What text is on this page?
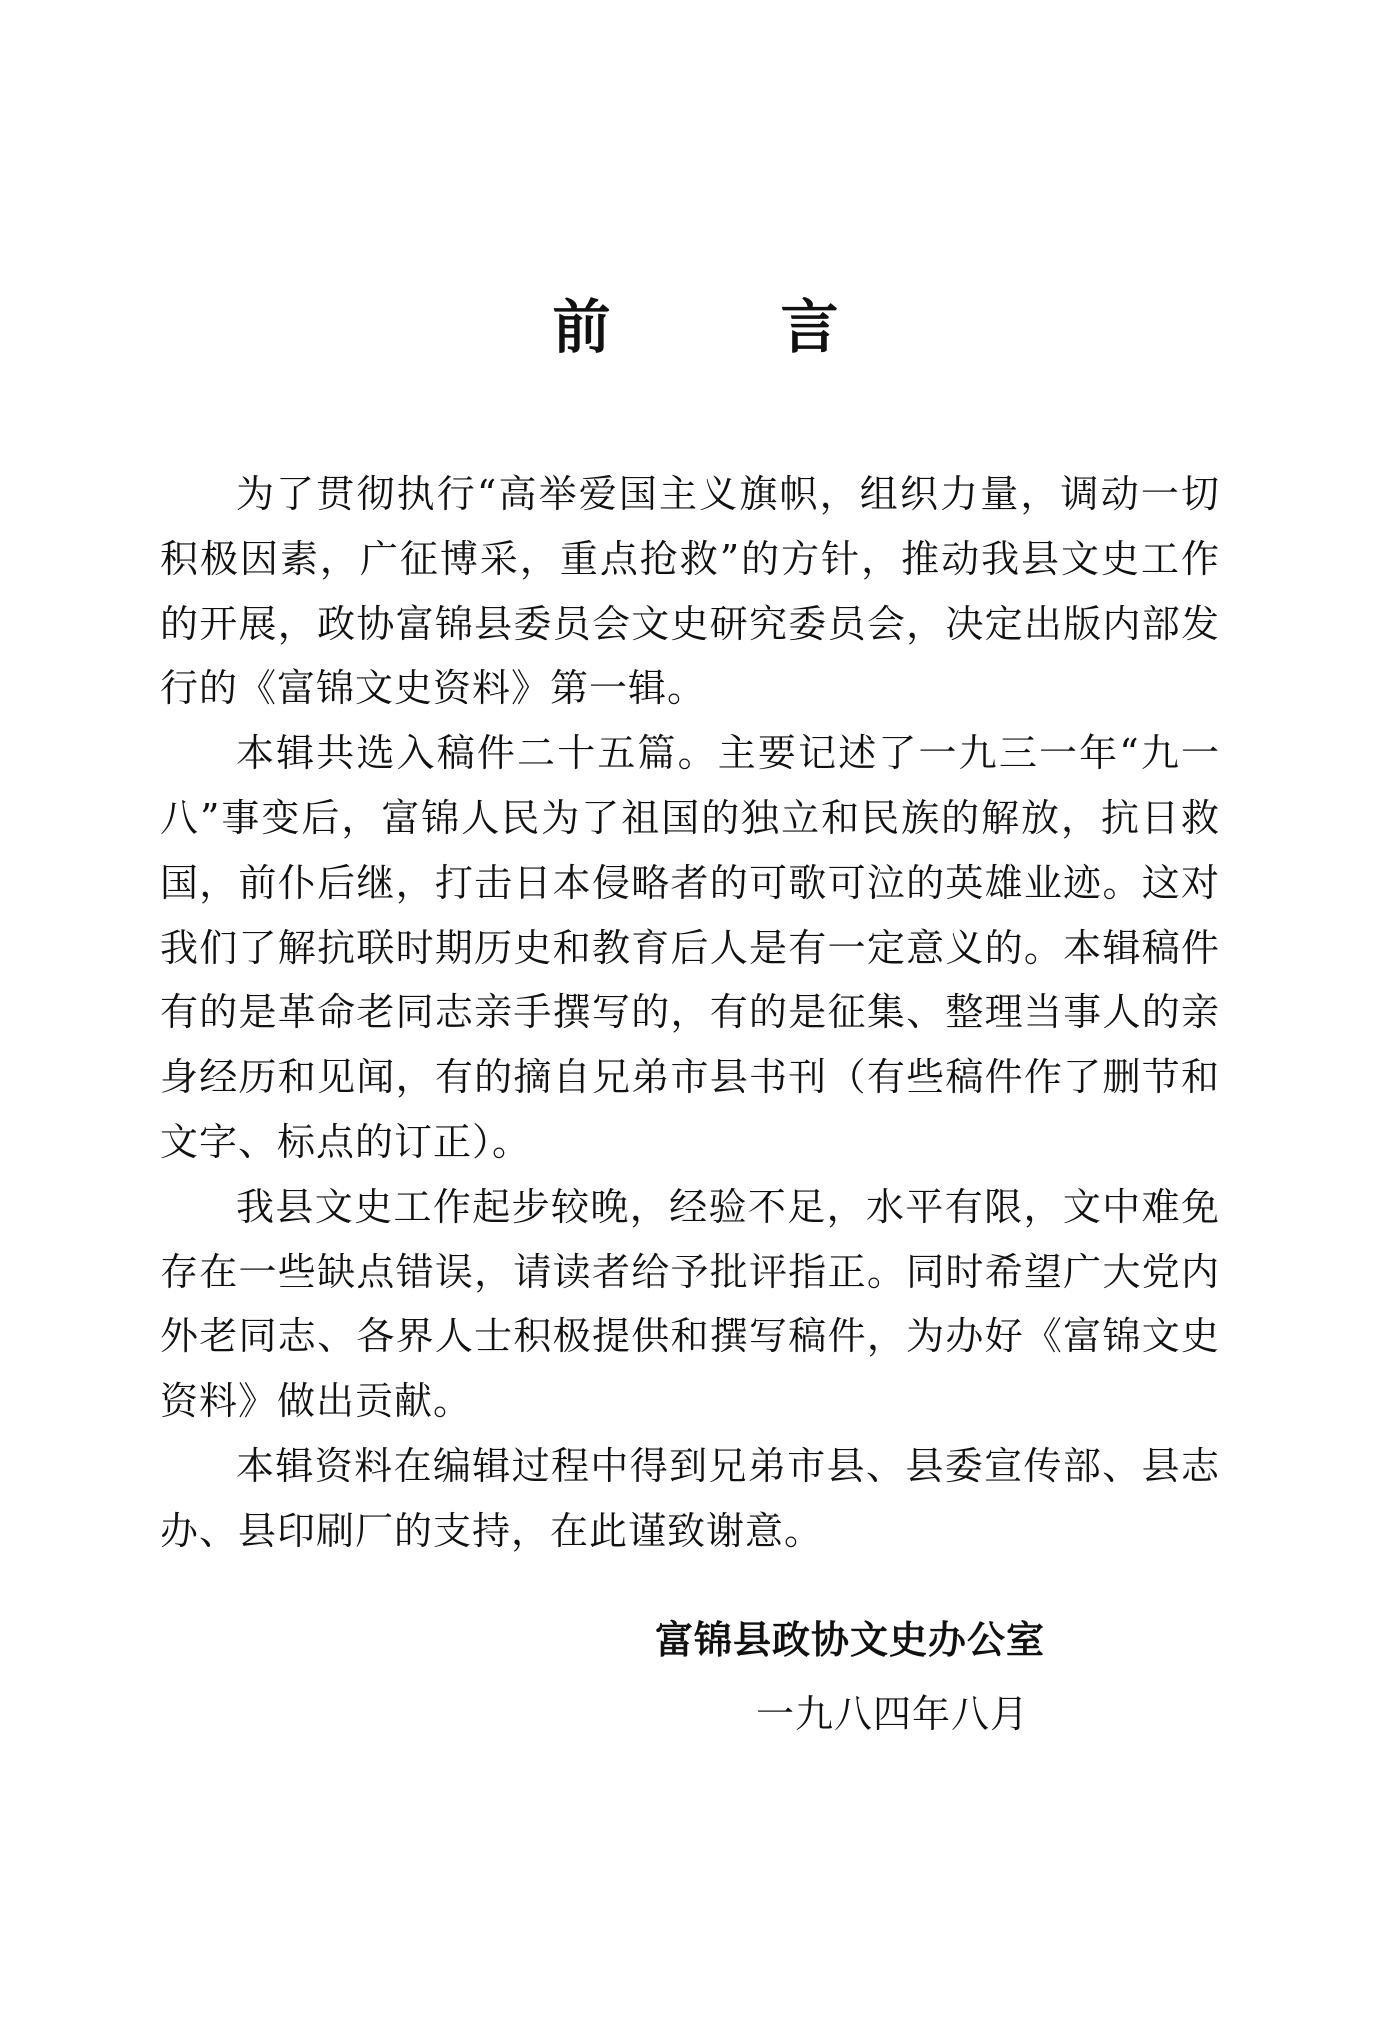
前	言

为了贯彻执行“高举爱国主义旗帜，组织力量，调动一切积极因素，广征博采，重点抢救”的方针，推动我县文史工作的开展，政协富锦县委员会文史研究委员会，决定出版内部发行的《富锦文史资料》第一辑。

本辑共选入稿件二十五篇。主要记述了一九三一年“九一八”事变后，富锦人民为了祖国的独立和民族的解放，抗日救国，前仆后继，打击日本侵略者的可歌可泣的英雄业迹。这对我们了解抗联时期历史和教育后人是有一定意义的。本辑稿件有的是革命老同志亲手撰写的，有的是征集、整理当事人的亲身经历和见闻，有的摘自兄弟市县书刊（有些稿件作了删节和文字、标点的订正）。

我县文史工作起步较晚，经验不足，水平有限，文中难免存在一些缺点错误，请读者给予批评指正。同时希望广大党内外老同志、各界人士积极提供和撰写稿件，为办好《富锦文史资料》做出贡献。

本辑资料在编辑过程中得到兄弟市县、县委宣传部、县志办、县印刷厂的支持，在此谨致谢意。

富锦县政协文史办公室
一九八四年八月
